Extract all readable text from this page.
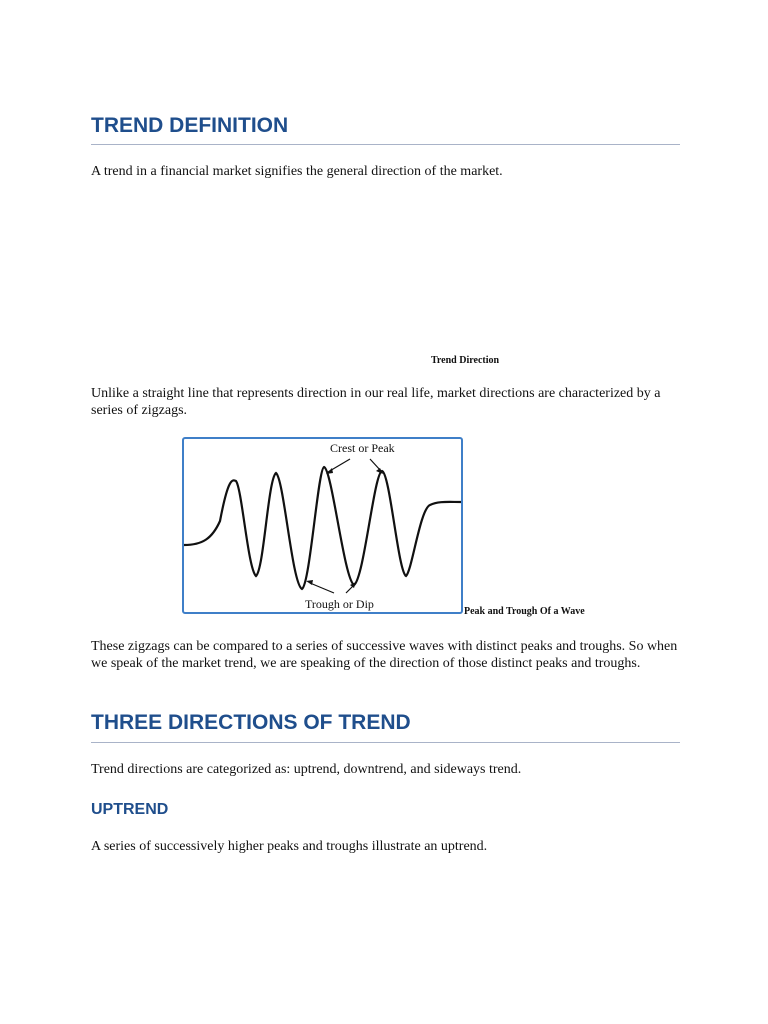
TREND DEFINITION

A trend in a financial market signifies the general direction of the market.

Trend Direction

Unlike a straight line that represents direction in our real life, market directions are characterized by a series of zigzags.

Crest or Peak
Trough or Dip
Peak and Trough Of a Wave

These zigzags can be compared to a series of successive waves with distinct peaks and troughs. So when we speak of the market trend, we are speaking of the direction of those distinct peaks and troughs.

THREE DIRECTIONS OF TREND

Trend directions are categorized as: uptrend, downtrend, and sideways trend.

UPTREND

A series of successively higher peaks and troughs illustrate an uptrend.
